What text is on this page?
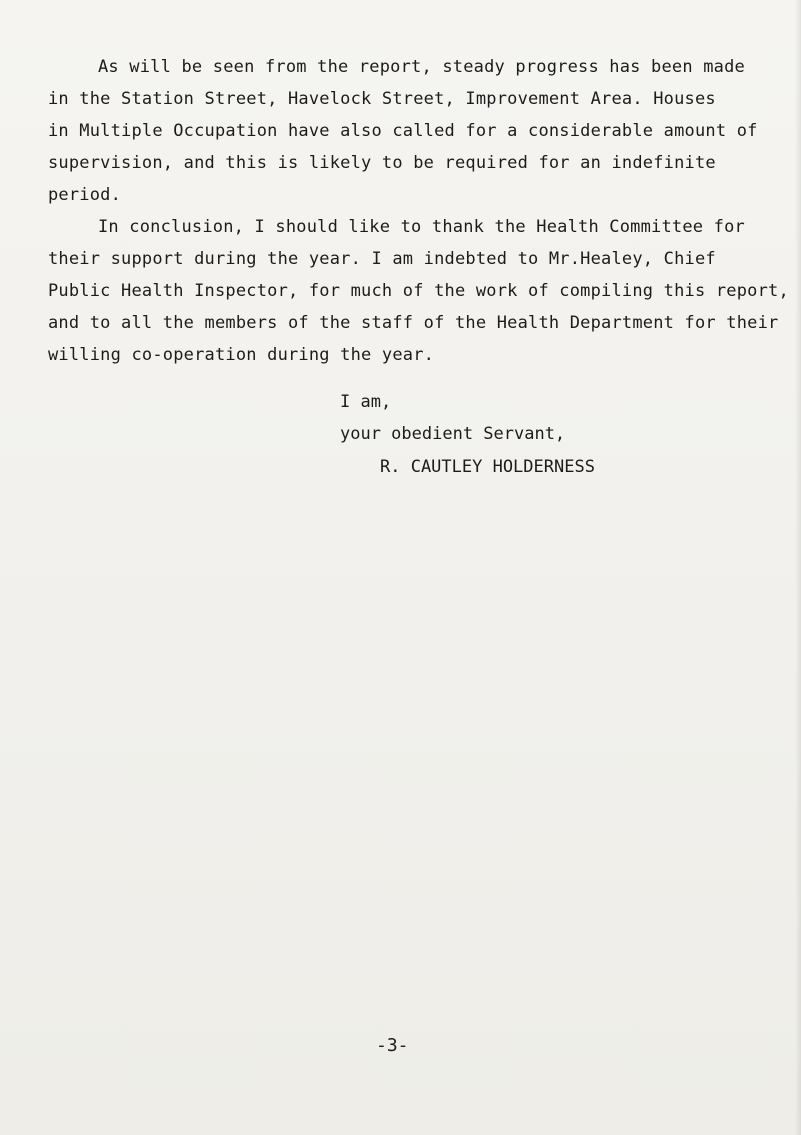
As will be seen from the report, steady progress has been made
in the Station Street, Havelock Street, Improvement Area. Houses
in Multiple Occupation have also called for a considerable amount of
supervision, and this is likely to be required for an indefinite
period.
In conclusion, I should like to thank the Health Committee for
their support during the year. I am indebted to Mr.Healey, Chief
Public Health Inspector, for much of the work of compiling this report,
and to all the members of the staff of the Health Department for their
willing co-operation during the year.
I am,
your obedient Servant,
R. CAUTLEY HOLDERNESS
-3-
